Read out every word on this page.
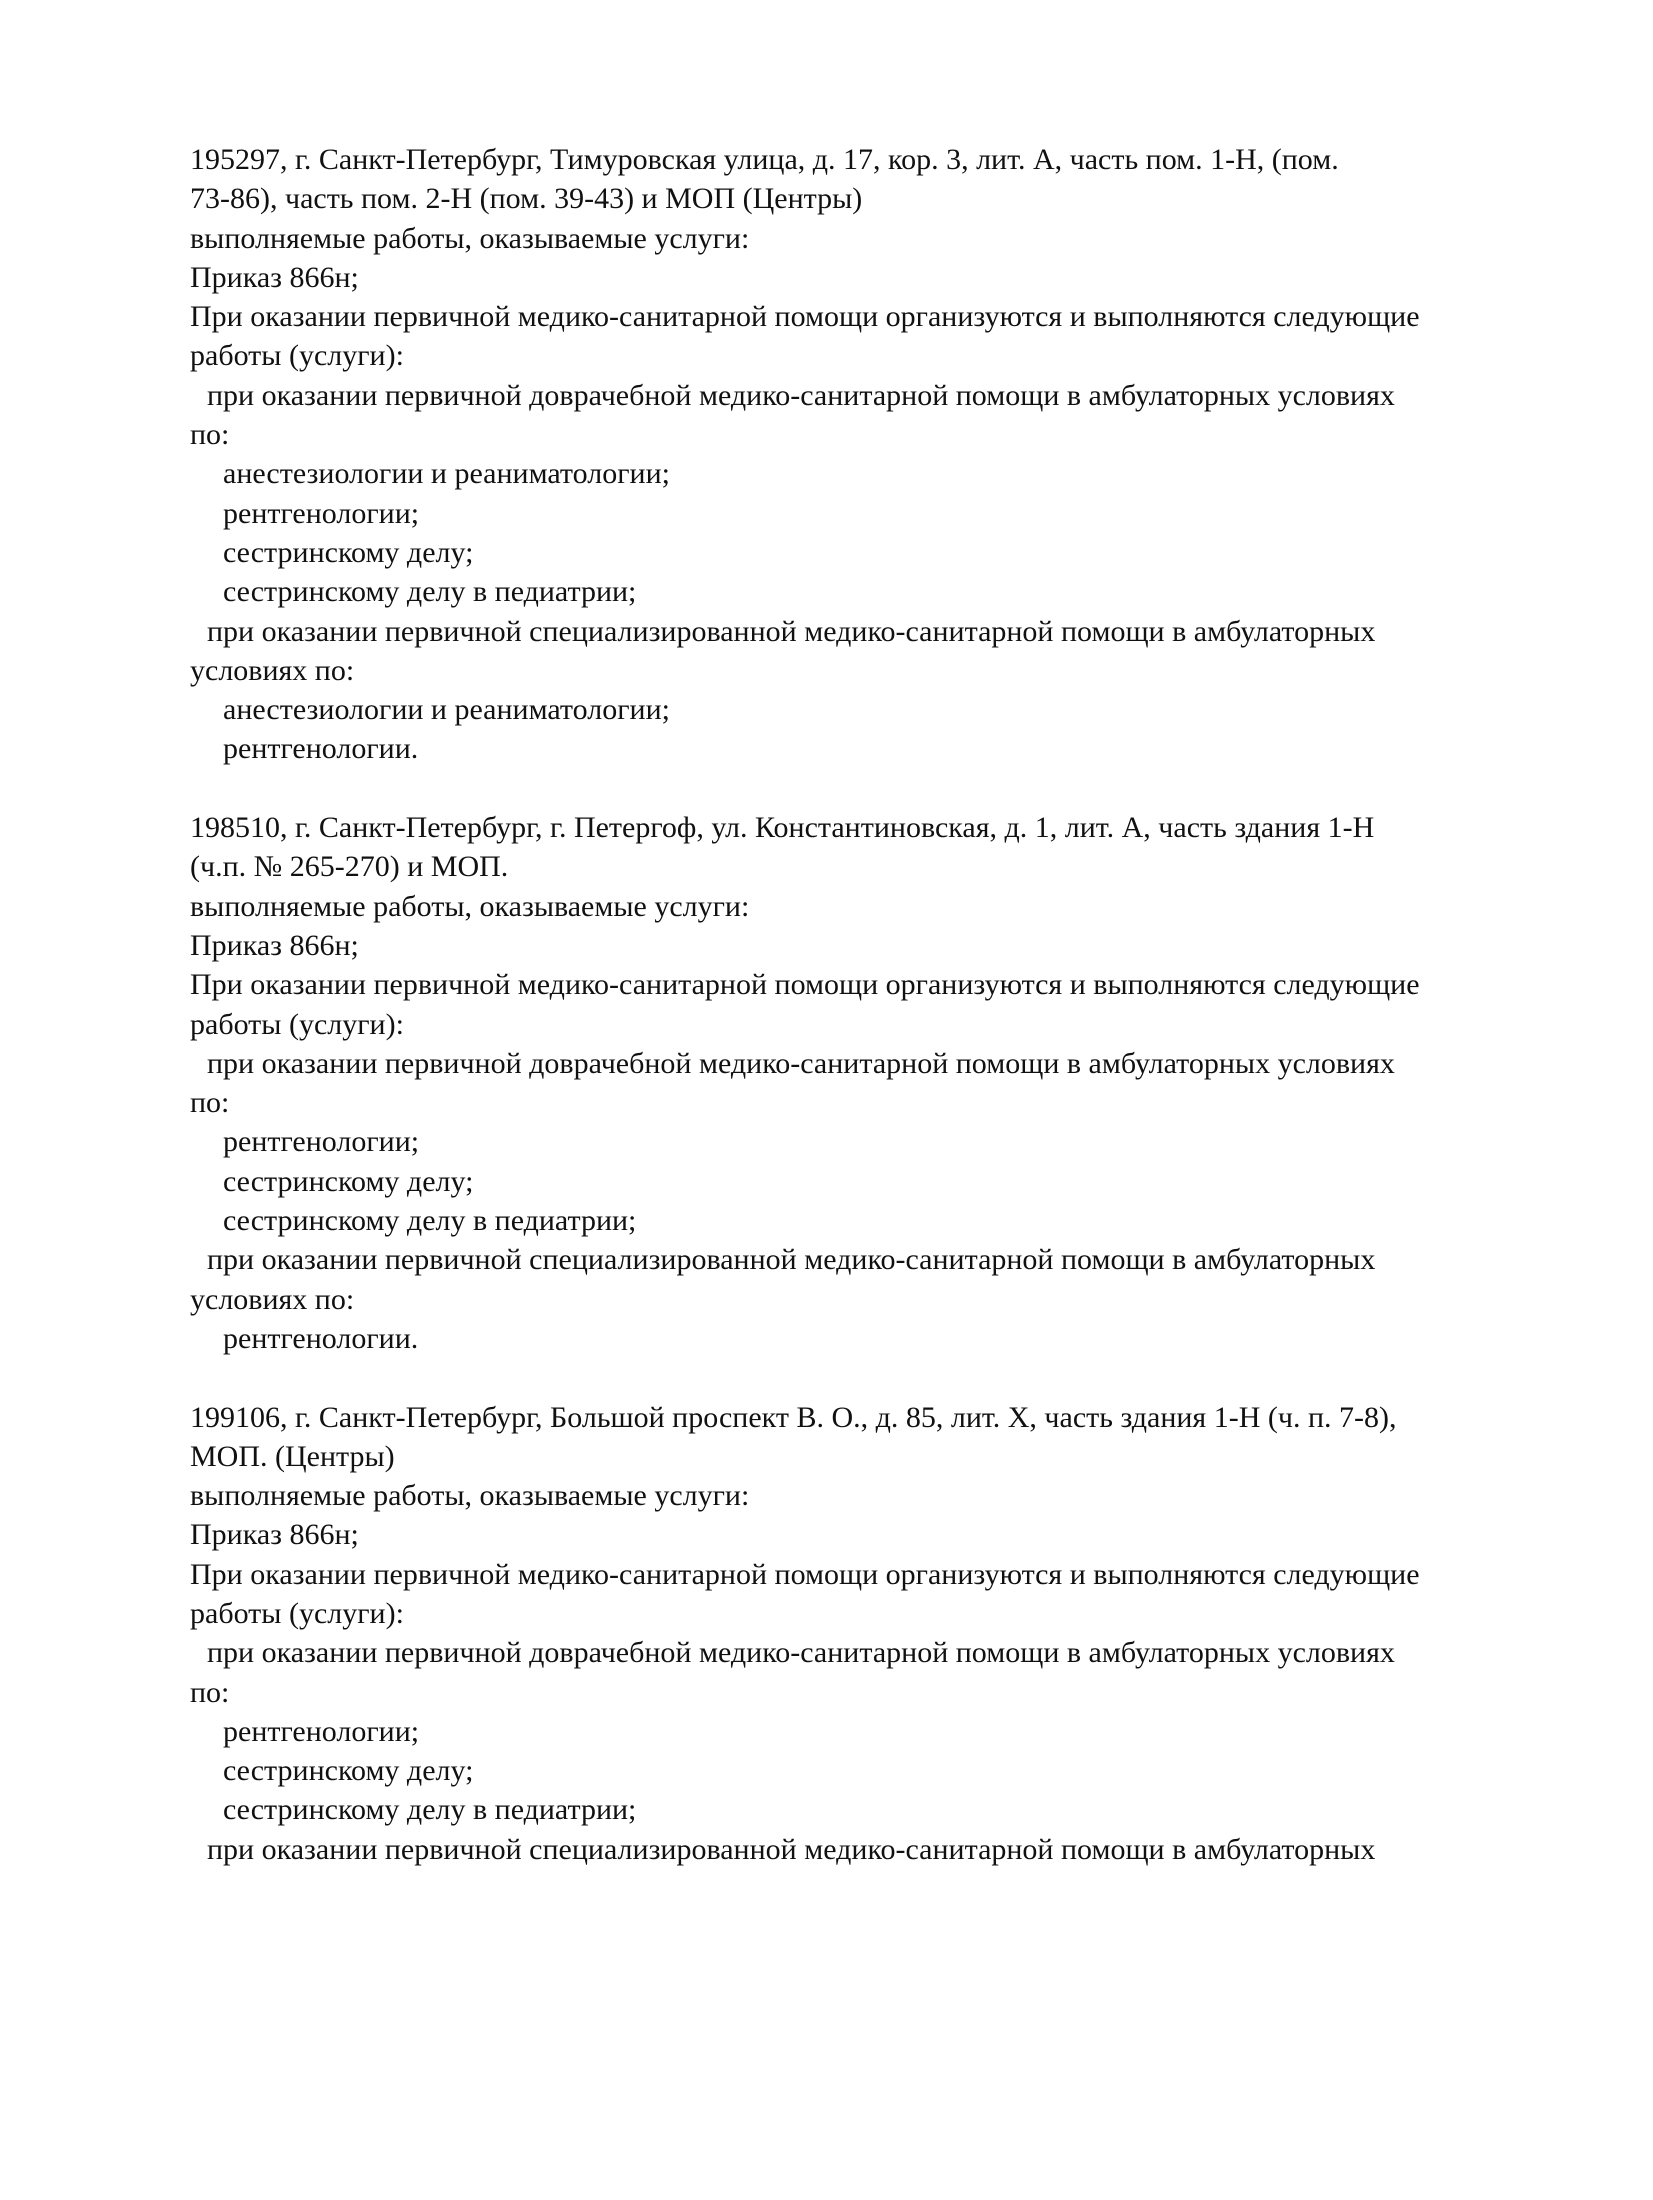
195297, г. Санкт-Петербург, Тимуровская улица, д. 17, кор. 3, лит. А, часть пом. 1-Н, (пом.
73-86), часть пом. 2-Н (пом. 39-43) и МОП (Центры)
выполняемые работы, оказываемые услуги:
Приказ 866н;
При оказании первичной медико-санитарной помощи организуются и выполняются следующие
работы (услуги):
при оказании первичной доврачебной медико-санитарной помощи в амбулаторных условиях
по:
анестезиологии и реаниматологии;
рентгенологии;
сестринскому делу;
сестринскому делу в педиатрии;
при оказании первичной специализированной медико-санитарной помощи в амбулаторных
условиях по:
анестезиологии и реаниматологии;
рентгенологии.
198510, г. Санкт-Петербург, г. Петергоф, ул. Константиновская, д. 1, лит. А, часть здания 1-Н
(ч.п. № 265-270) и МОП.
выполняемые работы, оказываемые услуги:
Приказ 866н;
При оказании первичной медико-санитарной помощи организуются и выполняются следующие
работы (услуги):
при оказании первичной доврачебной медико-санитарной помощи в амбулаторных условиях
по:
рентгенологии;
сестринскому делу;
сестринскому делу в педиатрии;
при оказании первичной специализированной медико-санитарной помощи в амбулаторных
условиях по:
рентгенологии.
199106, г. Санкт-Петербург, Большой проспект В. О., д. 85, лит. Х, часть здания 1-Н (ч. п. 7-8),
МОП. (Центры)
выполняемые работы, оказываемые услуги:
Приказ 866н;
При оказании первичной медико-санитарной помощи организуются и выполняются следующие
работы (услуги):
при оказании первичной доврачебной медико-санитарной помощи в амбулаторных условиях
по:
рентгенологии;
сестринскому делу;
сестринскому делу в педиатрии;
при оказании первичной специализированной медико-санитарной помощи в амбулаторных
